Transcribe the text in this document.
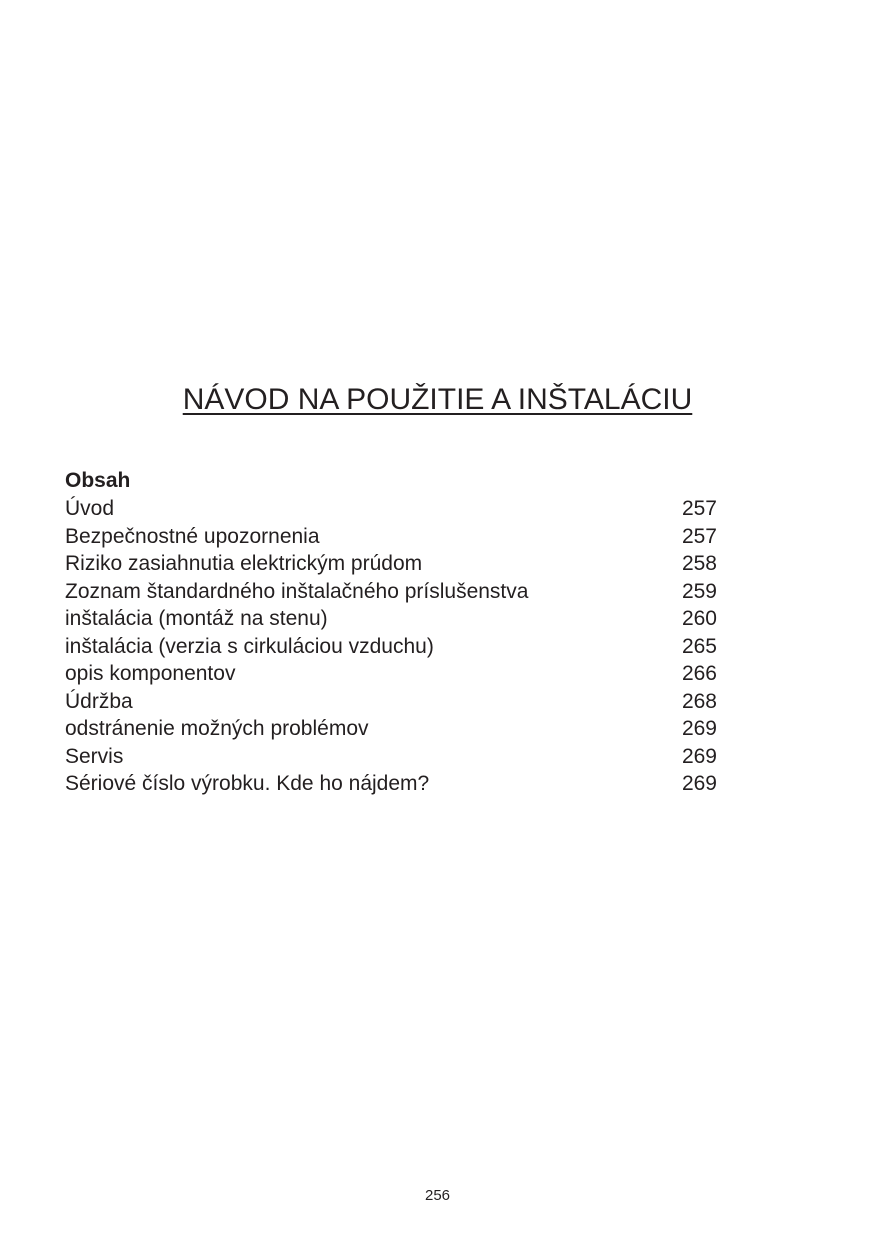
NÁVOD NA POUŽITIE A INŠTALÁCIU
Obsah
Úvod	257
Bezpečnostné upozornenia	257
Riziko zasiahnutia elektrickým prúdom	258
Zoznam štandardného inštalačného príslušenstva	259
inštalácia (montáž na stenu)	260
inštalácia (verzia s cirkuláciou vzduchu)	265
opis komponentov	266
Údržba	268
odstránenie možných problémov	269
Servis	269
Sériové číslo výrobku. Kde ho nájdem?	269
256
